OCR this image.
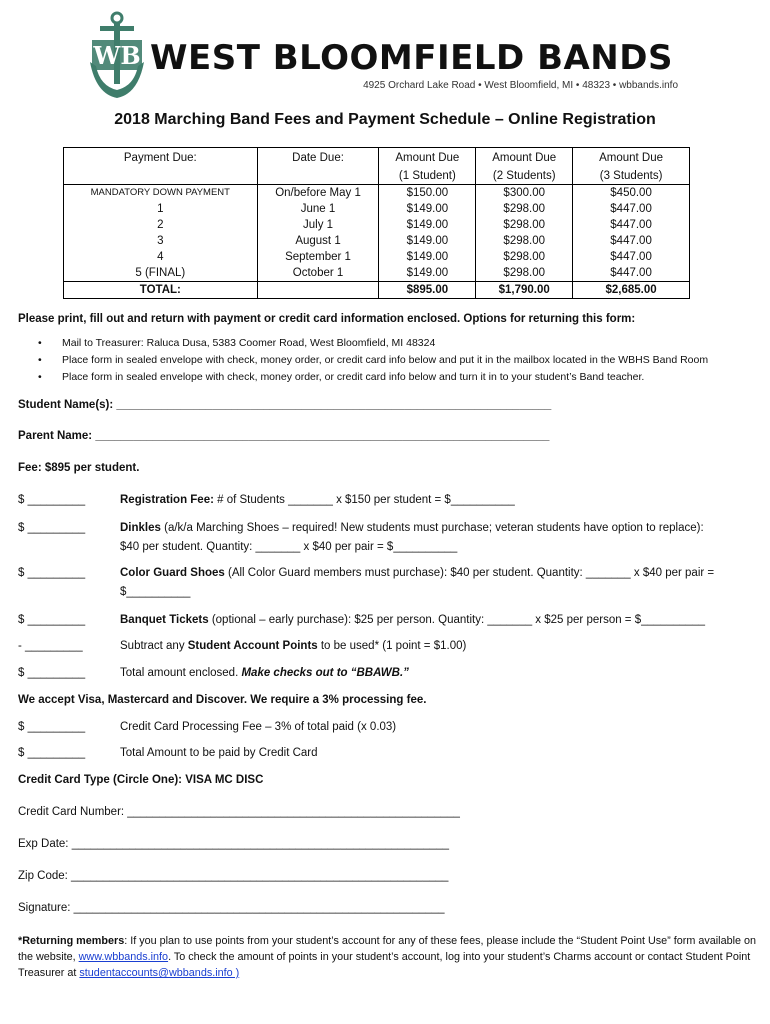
WB WEST BLOOMFIELD BANDS
4925 Orchard Lake Road • West Bloomfield, MI • 48323 • wbbands.info
2018 Marching Band Fees and Payment Schedule – Online Registration
Payment Due:	Date Due:	Amount Due	Amount Due	Amount Due
		(1 Student)	(2 Students)	(3 Students)
MANDATORY DOWN PAYMENT	On/before May 1	$150.00	$300.00	$450.00
1	June 1	$149.00	$298.00	$447.00
2	July 1	$149.00	$298.00	$447.00
3	August 1	$149.00	$298.00	$447.00
4	September 1	$149.00	$298.00	$447.00
5 (FINAL)	October 1	$149.00	$298.00	$447.00
TOTAL:		$895.00	$1,790.00	$2,685.00
Please print, fill out and return with payment or credit card information enclosed. Options for returning this form:
• Mail to Treasurer: Raluca Dusa, 5383 Coomer Road, West Bloomfield, MI 48324
• Place form in sealed envelope with check, money order, or credit card info below and put it in the mailbox located in the WBHS Band Room
• Place form in sealed envelope with check, money order, or credit card info below and turn it in to your student’s Band teacher.
Student Name(s): ____________________________________________________________________
Parent Name: _______________________________________________________________________
Fee: $895 per student.
$ _________	Registration Fee: # of Students _______ x $150 per student = $__________
$ _________	Dinkles (a/k/a Marching Shoes – required! New students must purchase; veteran students have option to replace):
$40 per student. Quantity: _______ x $40 per pair = $__________
$ _________	Color Guard Shoes (All Color Guard members must purchase): $40 per student. Quantity: _______ x $40 per pair =
$__________
$ _________	Banquet Tickets (optional – early purchase): $25 per person. Quantity: _______ x $25 per person = $__________
- _________	Subtract any Student Account Points to be used* (1 point = $1.00)
$ _________	Total amount enclosed. Make checks out to “BBAWB.”
We accept Visa, Mastercard and Discover. We require a 3% processing fee.
$ _________	Credit Card Processing Fee – 3% of total paid (x 0.03)
$ _________	Total Amount to be paid by Credit Card
Credit Card Type (Circle One): VISA MC DISC
Credit Card Number: ____________________________________________________
Exp Date: ___________________________________________________________
Zip Code: ___________________________________________________________
Signature: __________________________________________________________
*Returning members: If you plan to use points from your student’s account for any of these fees, please include the “Student Point Use” form available on the website, www.wbbands.info. To check the amount of points in your student’s account, log into your student’s Charms account or contact Student Point Treasurer at studentaccounts@wbbands.info )
